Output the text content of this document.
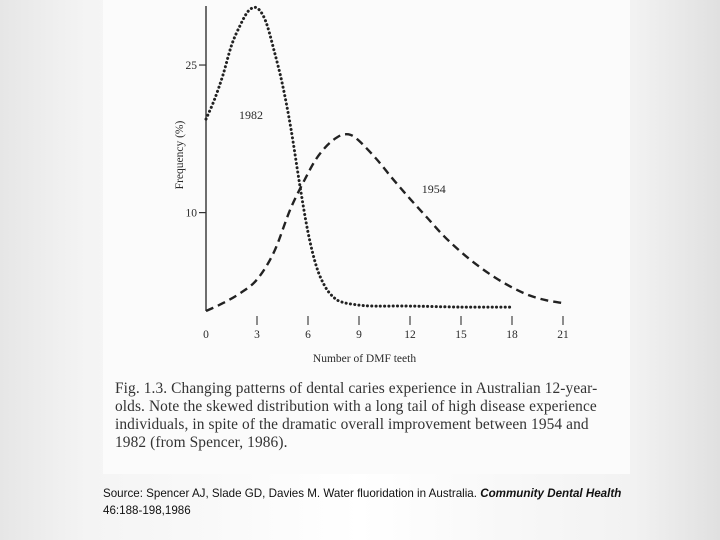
10
25
0	3	6	9	12	15	18	21
Number of DMF teeth
Frequency (%)
1982
1954
Fig. 1.3. Changing patterns of dental caries experience in Australian 12-year-olds. Note the skewed distribution with a long tail of high disease experience individuals, in spite of the dramatic overall improvement between 1954 and 1982 (from Spencer, 1986).
Source: Spencer AJ, Slade GD, Davies M. Water fluoridation in Australia. Community Dental Health 46:188-198,1986
